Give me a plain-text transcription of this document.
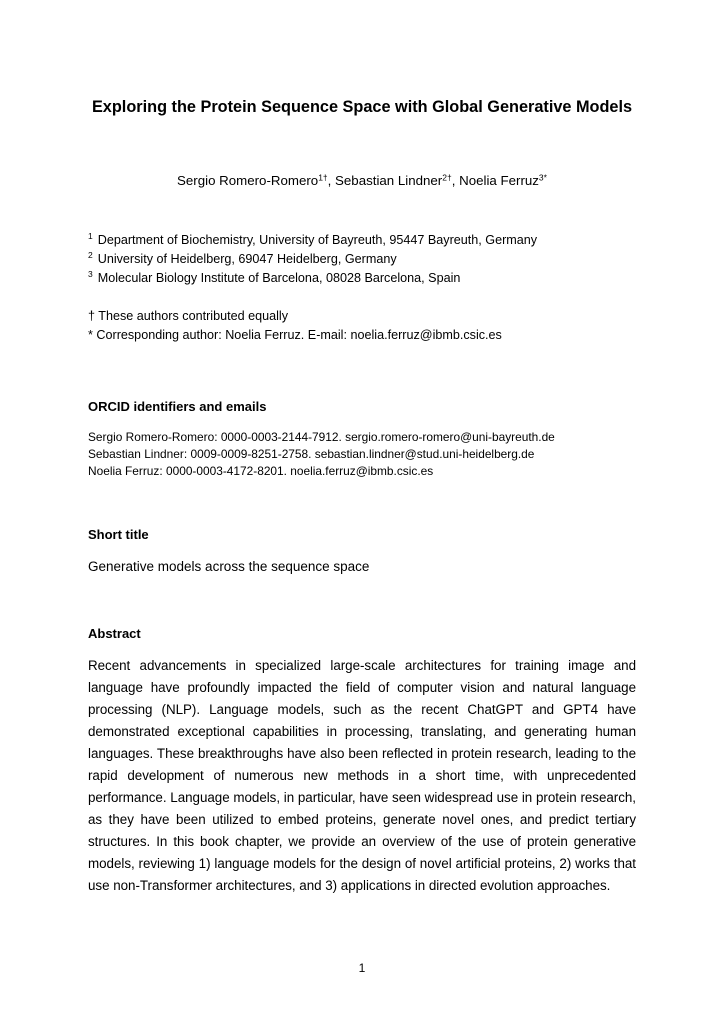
Exploring the Protein Sequence Space with Global Generative Models
Sergio Romero-Romero$^{1\dagger}$, Sebastian Lindner$^{2\dagger}$, Noelia Ferruz$^{3*}$
$^1$ Department of Biochemistry, University of Bayreuth, 95447 Bayreuth, Germany
$^2$ University of Heidelberg, 69047 Heidelberg, Germany
$^3$ Molecular Biology Institute of Barcelona, 08028 Barcelona, Spain
† These authors contributed equally
* Corresponding author: Noelia Ferruz. E-mail: noelia.ferruz@ibmb.csic.es
ORCID identifiers and emails
Sergio Romero-Romero: 0000-0003-2144-7912. sergio.romero-romero@uni-bayreuth.de
Sebastian Lindner: 0009-0009-8251-2758. sebastian.lindner@stud.uni-heidelberg.de
Noelia Ferruz: 0000-0003-4172-8201. noelia.ferruz@ibmb.csic.es
Short title
Generative models across the sequence space
Abstract
Recent advancements in specialized large-scale architectures for training image and language have profoundly impacted the field of computer vision and natural language processing (NLP). Language models, such as the recent ChatGPT and GPT4 have demonstrated exceptional capabilities in processing, translating, and generating human languages. These breakthroughs have also been reflected in protein research, leading to the rapid development of numerous new methods in a short time, with unprecedented performance. Language models, in particular, have seen widespread use in protein research, as they have been utilized to embed proteins, generate novel ones, and predict tertiary structures. In this book chapter, we provide an overview of the use of protein generative models, reviewing 1) language models for the design of novel artificial proteins, 2) works that use non-Transformer architectures, and 3) applications in directed evolution approaches.
1
